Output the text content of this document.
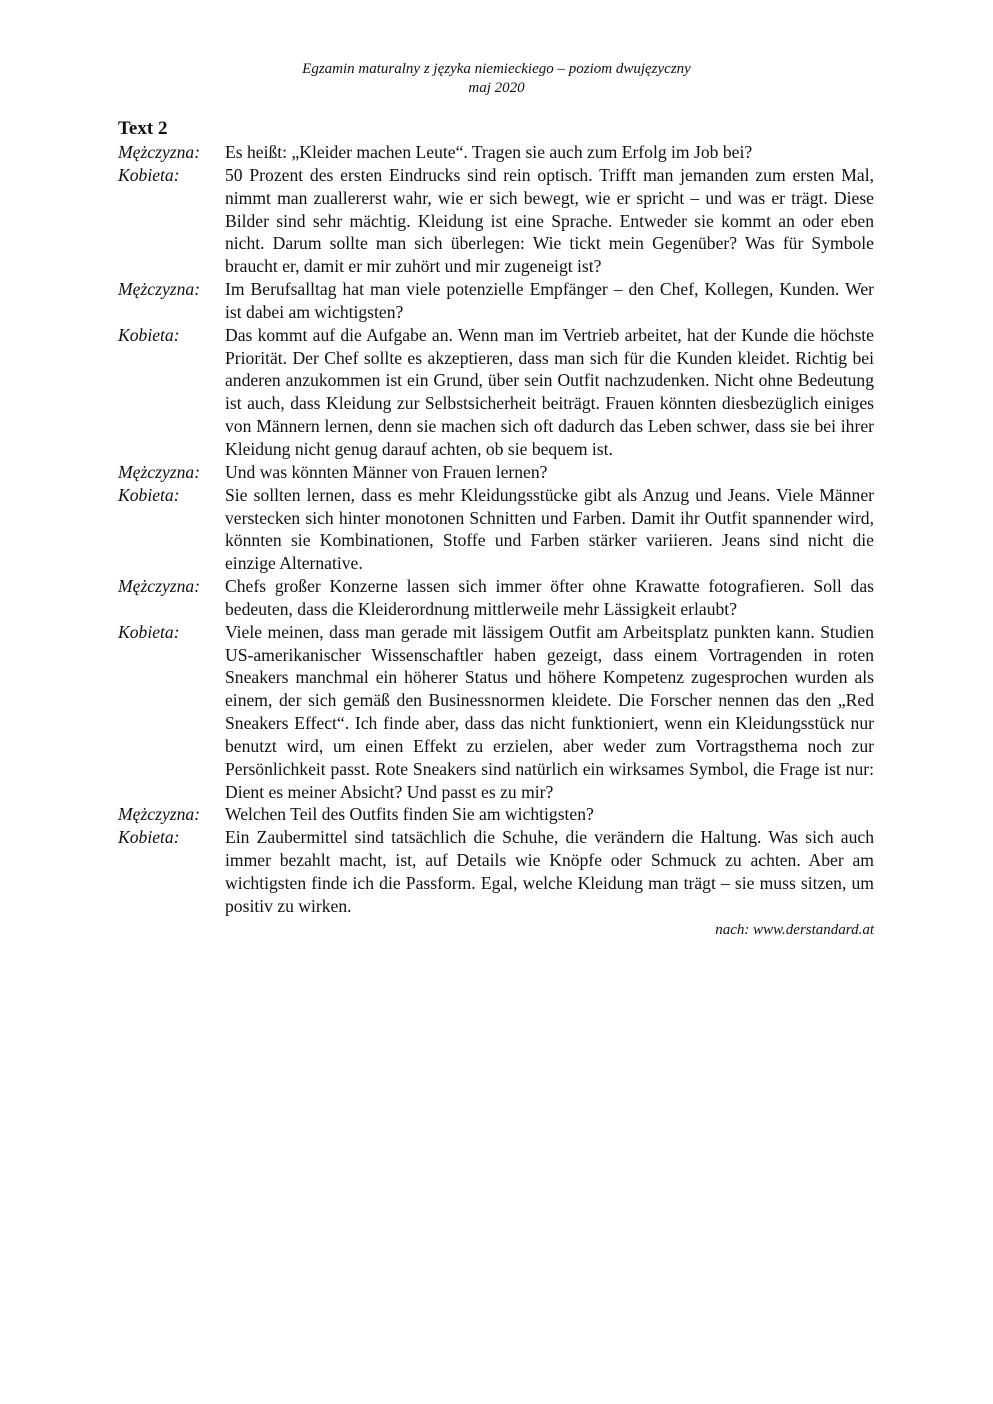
Egzamin maturalny z języka niemieckiego – poziom dwujęzyczny
maj 2020
Text 2
Mężczyzna:	Es heißt: „Kleider machen Leute“. Tragen sie auch zum Erfolg im Job bei?
Kobieta:	50 Prozent des ersten Eindrucks sind rein optisch. Trifft man jemanden zum ersten Mal, nimmt man zuallererst wahr, wie er sich bewegt, wie er spricht – und was er trägt. Diese Bilder sind sehr mächtig. Kleidung ist eine Sprache. Entweder sie kommt an oder eben nicht. Darum sollte man sich überlegen: Wie tickt mein Gegenüber? Was für Symbole braucht er, damit er mir zuhört und mir zugeneigt ist?
Mężczyzna:	Im Berufsalltag hat man viele potenzielle Empfänger – den Chef, Kollegen, Kunden. Wer ist dabei am wichtigsten?
Kobieta:	Das kommt auf die Aufgabe an. Wenn man im Vertrieb arbeitet, hat der Kunde die höchste Priorität. Der Chef sollte es akzeptieren, dass man sich für die Kunden kleidet. Richtig bei anderen anzukommen ist ein Grund, über sein Outfit nachzudenken. Nicht ohne Bedeutung ist auch, dass Kleidung zur Selbstsicherheit beiträgt. Frauen könnten diesbezüglich einiges von Männern lernen, denn sie machen sich oft dadurch das Leben schwer, dass sie bei ihrer Kleidung nicht genug darauf achten, ob sie bequem ist.
Mężczyzna:	Und was könnten Männer von Frauen lernen?
Kobieta:	Sie sollten lernen, dass es mehr Kleidungsstücke gibt als Anzug und Jeans. Viele Männer verstecken sich hinter monotonen Schnitten und Farben. Damit ihr Outfit spannender wird, könnten sie Kombinationen, Stoffe und Farben stärker variieren. Jeans sind nicht die einzige Alternative.
Mężczyzna:	Chefs großer Konzerne lassen sich immer öfter ohne Krawatte fotografieren. Soll das bedeuten, dass die Kleiderordnung mittlerweile mehr Lässigkeit erlaubt?
Kobieta:	Viele meinen, dass man gerade mit lässigem Outfit am Arbeitsplatz punkten kann. Studien US-amerikanischer Wissenschaftler haben gezeigt, dass einem Vortragenden in roten Sneakers manchmal ein höherer Status und höhere Kompetenz zugesprochen wurden als einem, der sich gemäß den Businessnormen kleidete. Die Forscher nennen das den „Red Sneakers Effect“. Ich finde aber, dass das nicht funktioniert, wenn ein Kleidungsstück nur benutzt wird, um einen Effekt zu erzielen, aber weder zum Vortragsthema noch zur Persönlichkeit passt. Rote Sneakers sind natürlich ein wirksames Symbol, die Frage ist nur: Dient es meiner Absicht? Und passt es zu mir?
Mężczyzna:	Welchen Teil des Outfits finden Sie am wichtigsten?
Kobieta:	Ein Zaubermittel sind tatsächlich die Schuhe, die verändern die Haltung. Was sich auch immer bezahlt macht, ist, auf Details wie Knöpfe oder Schmuck zu achten. Aber am wichtigsten finde ich die Passform. Egal, welche Kleidung man trägt – sie muss sitzen, um positiv zu wirken.
nach: www.derstandard.at
